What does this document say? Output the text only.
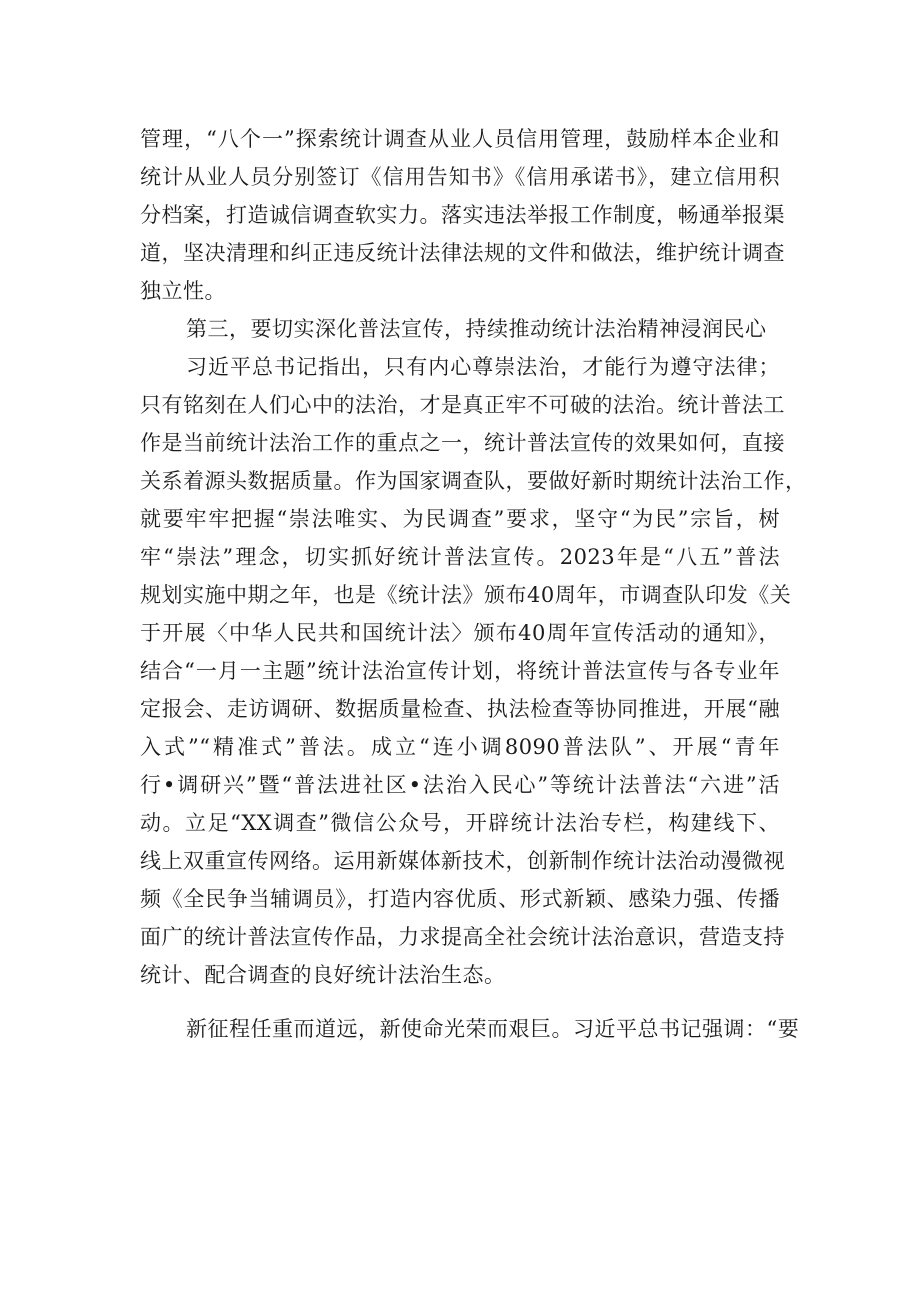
管理，“八个一”探索统计调查从业人员信用管理，鼓励样本企业和
统计从业人员分别签订《信用告知书》《信用承诺书》，建立信用积
分档案，打造诚信调查软实力。落实违法举报工作制度，畅通举报渠
道，坚决清理和纠正违反统计法律法规的文件和做法，维护统计调查
独立性。
第三，要切实深化普法宣传，持续推动统计法治精神浸润民心
习近平总书记指出，只有内心尊崇法治，才能行为遵守法律；
只有铭刻在人们心中的法治，才是真正牢不可破的法治。统计普法工
作是当前统计法治工作的重点之一，统计普法宣传的效果如何，直接
关系着源头数据质量。作为国家调查队，要做好新时期统计法治工作，
就要牢牢把握“崇法唯实、为民调查”要求，坚守“为民”宗旨，树
牢“崇法”理念，切实抓好统计普法宣传。2023年是“八五”普法
规划实施中期之年，也是《统计法》颁布40周年，市调查队印发《关
于开展〈中华人民共和国统计法〉颁布40周年宣传活动的通知》，
结合“一月一主题”统计法治宣传计划，将统计普法宣传与各专业年
定报会、走访调研、数据质量检查、执法检查等协同推进，开展“融
入式”“精准式”普法。成立“连小调8090普法队”、开展“青年
行•调研兴”暨“普法进社区•法治入民心”等统计法普法“六进”活
动。立足“XX调查”微信公众号，开辟统计法治专栏，构建线下、
线上双重宣传网络。运用新媒体新技术，创新制作统计法治动漫微视
频《全民争当辅调员》，打造内容优质、形式新颖、感染力强、传播
面广的统计普法宣传作品，力求提高全社会统计法治意识，营造支持
统计、配合调查的良好统计法治生态。
新征程任重而道远，新使命光荣而艰巨。习近平总书记强调：“要
